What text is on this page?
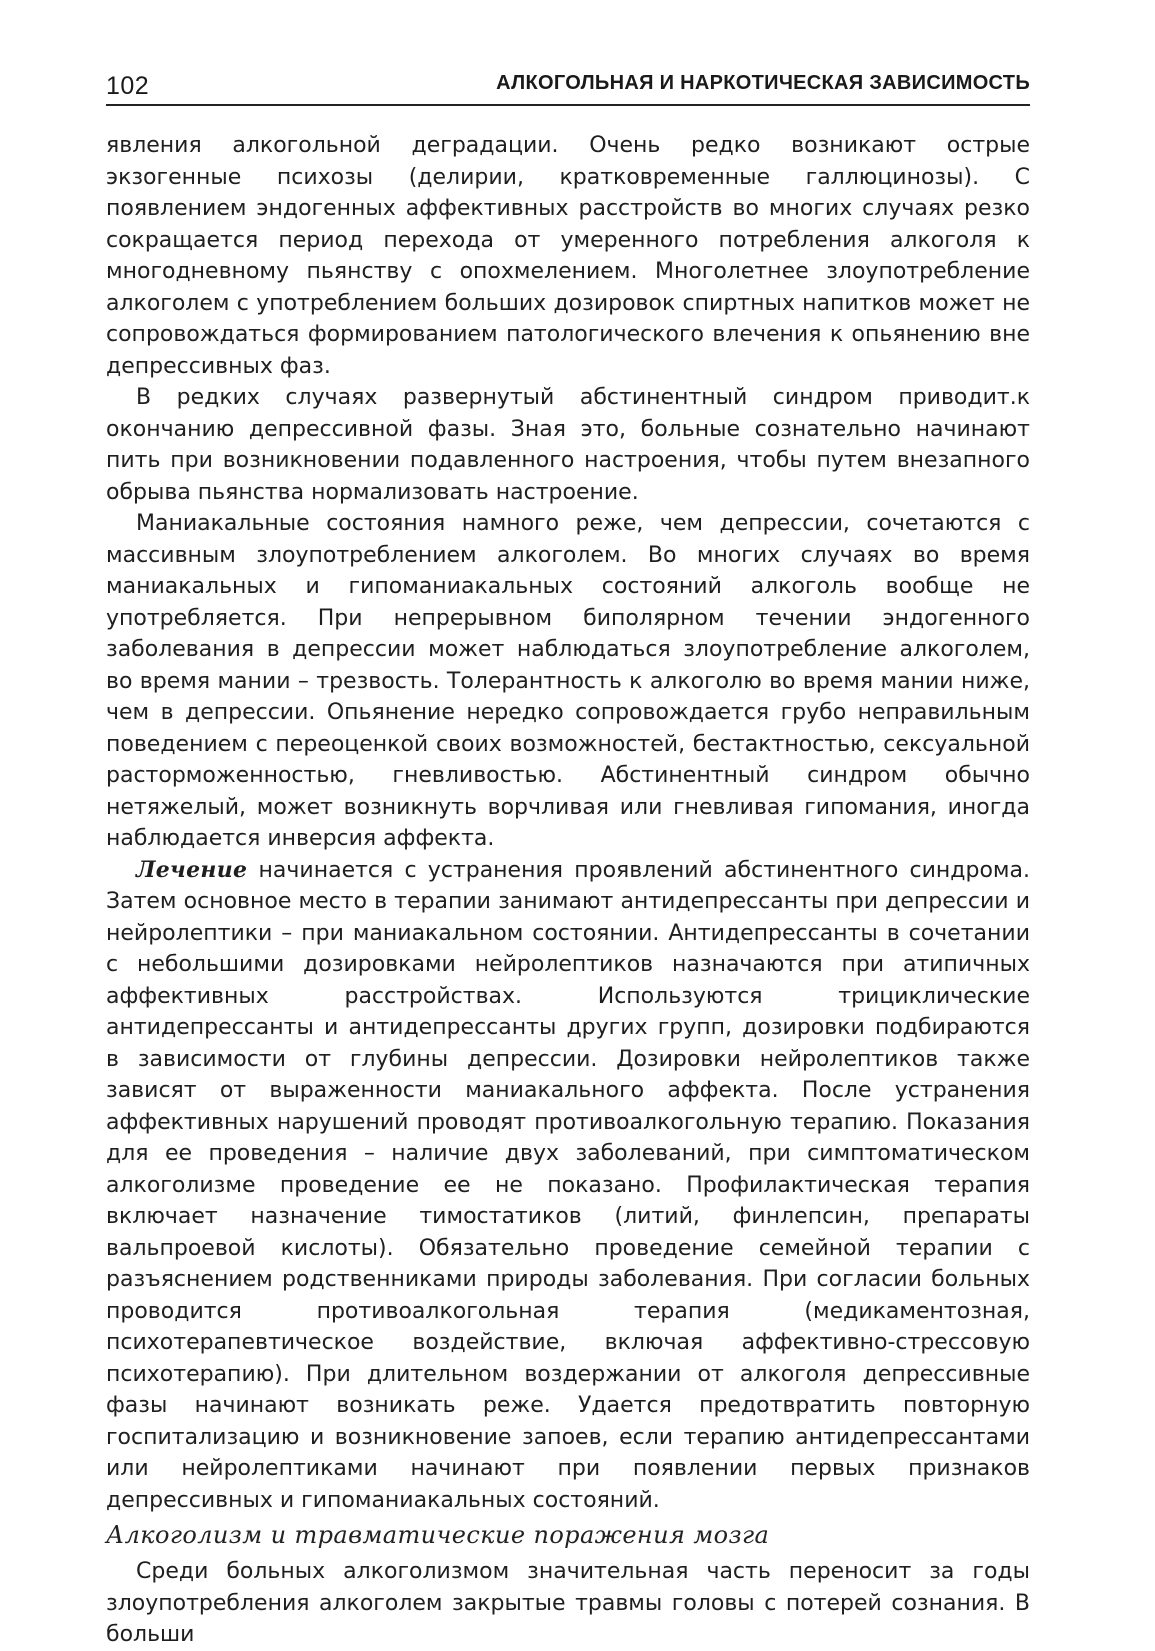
102	АЛКОГОЛЬНАЯ И НАРКОТИЧЕСКАЯ ЗАВИСИМОСТЬ

явления алкогольной деградации. Очень редко возникают острые экзогенные психозы (делирии, кратковременные галлюцинозы). С появлением эндогенных аффективных расстройств во многих случаях резко сокращается период перехода от умеренного потребления алкоголя к многодневному пьянству с опохмелением. Многолетнее злоупотребление алкоголем с употреблением больших дозировок спиртных напитков может не сопровождаться формированием патологического влечения к опьянению вне депрессивных фаз.

В редких случаях развернутый абстинентный синдром приводит.к окончанию депрессивной фазы. Зная это, больные сознательно начинают пить при возникновении подавленного настроения, чтобы путем внезапного обрыва пьянства нормализовать настроение.

Маниакальные состояния намного реже, чем депрессии, сочетаются с массивным злоупотреблением алкоголем. Во многих случаях во время маниакальных и гипоманиакальных состояний алкоголь вообще не употребляется. При непрерывном биполярном течении эндогенного заболевания в депрессии может наблюдаться злоупотребление алкоголем, во время мании – трезвость. Толерантность к алкоголю во время мании ниже, чем в депрессии. Опьянение нередко сопровождается грубо неправильным поведением с переоценкой своих возможностей, бестактностью, сексуальной расторможенностью, гневливостью. Абстинентный синдром обычно нетяжелый, может возникнуть ворчливая или гневливая гипомания, иногда наблюдается инверсия аффекта.

Лечение начинается с устранения проявлений абстинентного синдрома. Затем основное место в терапии занимают антидепрессанты при депрессии и нейролептики – при маниакальном состоянии. Антидепрессанты в сочетании с небольшими дозировками нейролептиков назначаются при атипичных аффективных расстройствах. Используются трициклические антидепрессанты и антидепрессанты других групп, дозировки подбираются в зависимости от глубины депрессии. Дозировки нейролептиков также зависят от выраженности маниакального аффекта. После устранения аффективных нарушений проводят противоалкогольную терапию. Показания для ее проведения – наличие двух заболеваний, при симптоматическом алкоголизме проведение ее не показано. Профилактическая терапия включает назначение тимостатиков (литий, финлепсин, препараты вальпроевой кислоты). Обязательно проведение семейной терапии с разъяснением родственниками природы заболевания. При согласии больных проводится противоалкогольная терапия (медикаментозная, психотерапевтическое воздействие, включая аффективно-стрессовую психотерапию). При длительном воздержании от алкоголя депрессивные фазы начинают возникать реже. Удается предотвратить повторную госпитализацию и возникновение запоев, если терапию антидепрессантами или нейролептиками начинают при появлении первых признаков депрессивных и гипоманиакальных состояний.

Алкоголизм и травматические поражения мозга

Среди больных алкоголизмом значительная часть переносит за годы злоупотребления алкоголем закрытые травмы головы с потерей сознания. В больши
